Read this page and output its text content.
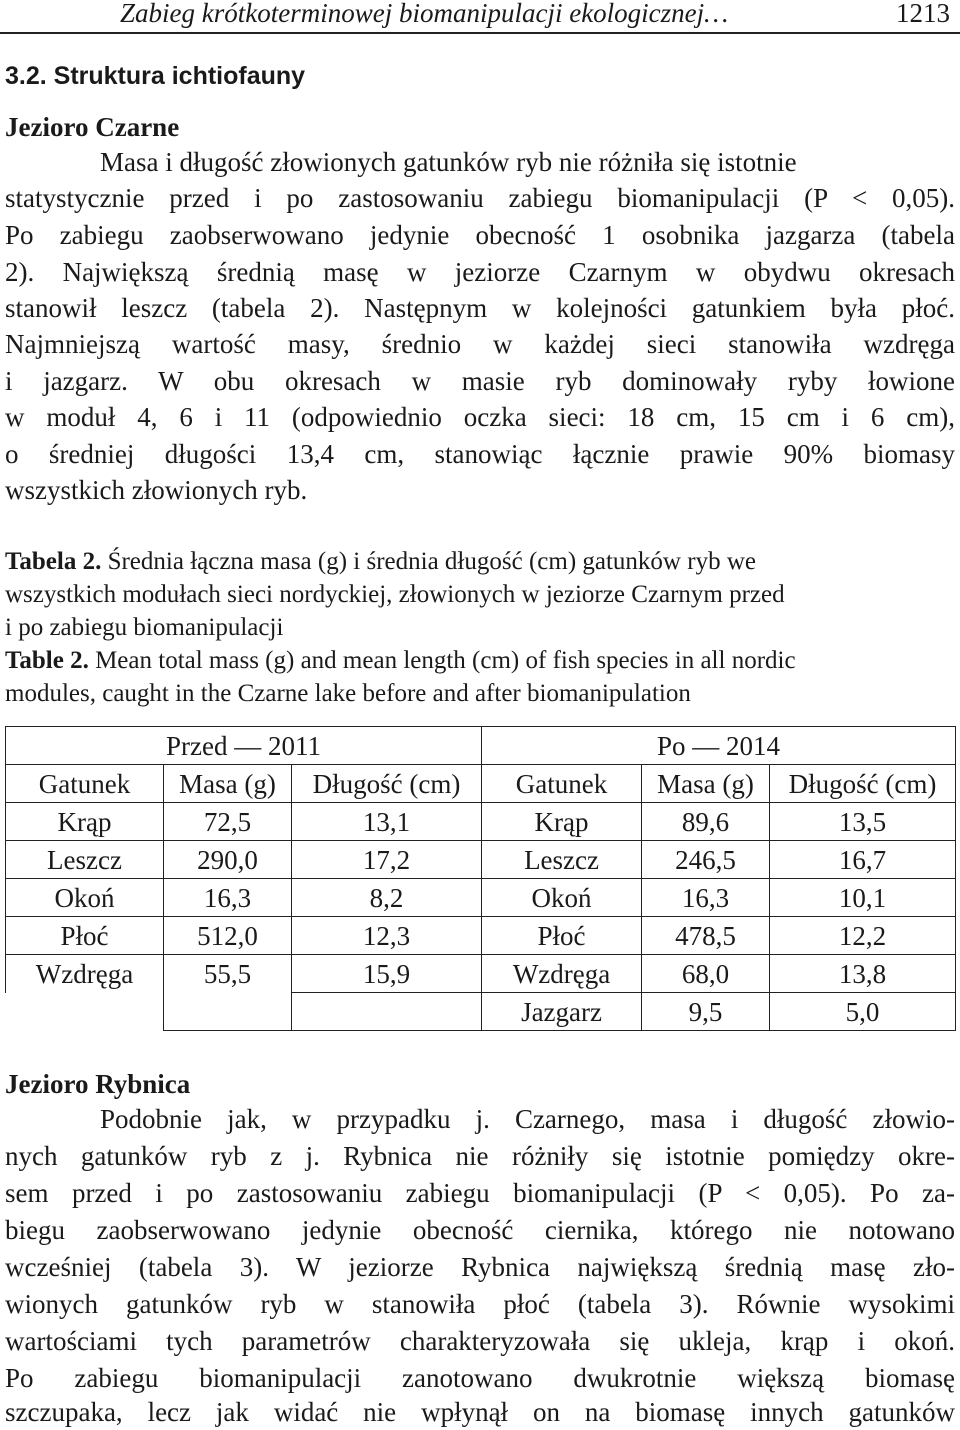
Zabieg krótkoterminowej biomanipulacji ekologicznej…	1213
3.2. Struktura ichtiofauny
Jezioro Czarne
Masa i długość złowionych gatunków ryb nie różniła się istotnie
statystycznie przed i po zastosowaniu zabiegu biomanipulacji (P < 0,05).
Po zabiegu zaobserwowano jedynie obecność 1 osobnika jazgarza (tabela
2). Największą średnią masę w jeziorze Czarnym w obydwu okresach
stanowił leszcz (tabela 2). Następnym w kolejności gatunkiem była płoć.
Najmniejszą wartość masy, średnio w każdej sieci stanowiła wzdręga
i jazgarz. W obu okresach w masie ryb dominowały ryby łowione
w moduł 4, 6 i 11 (odpowiednio oczka sieci: 18 cm, 15 cm i 6 cm),
o średniej długości 13,4 cm, stanowiąc łącznie prawie 90% biomasy
wszystkich złowionych ryb.
Tabela 2. Średnia łączna masa (g) i średnia długość (cm) gatunków ryb we
wszystkich modułach sieci nordyckiej, złowionych w jeziorze Czarnym przed
i po zabiegu biomanipulacji
Table 2. Mean total mass (g) and mean length (cm) of fish species in all nordic
modules, caught in the Czarne lake before and after biomanipulation
Przed — 2011			Po — 2014		
Gatunek	Masa (g)	Długość (cm)	Gatunek	Masa (g)	Długość (cm)
Krąp	72,5	13,1	Krąp	89,6	13,5
Leszcz	290,0	17,2	Leszcz	246,5	16,7
Okoń	16,3	8,2	Okoń	16,3	10,1
Płoć	512,0	12,3	Płoć	478,5	12,2
Wzdręga	55,5	15,9	Wzdręga	68,0	13,8
			Jazgarz	9,5	5,0
Jezioro Rybnica
Podobnie jak, w przypadku j. Czarnego, masa i długość złowio-
nych gatunków ryb z j. Rybnica nie różniły się istotnie pomiędzy okre-
sem przed i po zastosowaniu zabiegu biomanipulacji (P < 0,05). Po za-
biegu zaobserwowano jedynie obecność ciernika, którego nie notowano
wcześniej (tabela 3). W jeziorze Rybnica największą średnią masę zło-
wionych gatunków ryb w stanowiła płoć (tabela 3). Równie wysokimi
wartościami tych parametrów charakteryzowała się ukleja, krąp i okoń.
Po zabiegu biomanipulacji zanotowano dwukrotnie większą biomasę
szczupaka, lecz jak widać nie wpłynął on na biomasę innych gatunków
